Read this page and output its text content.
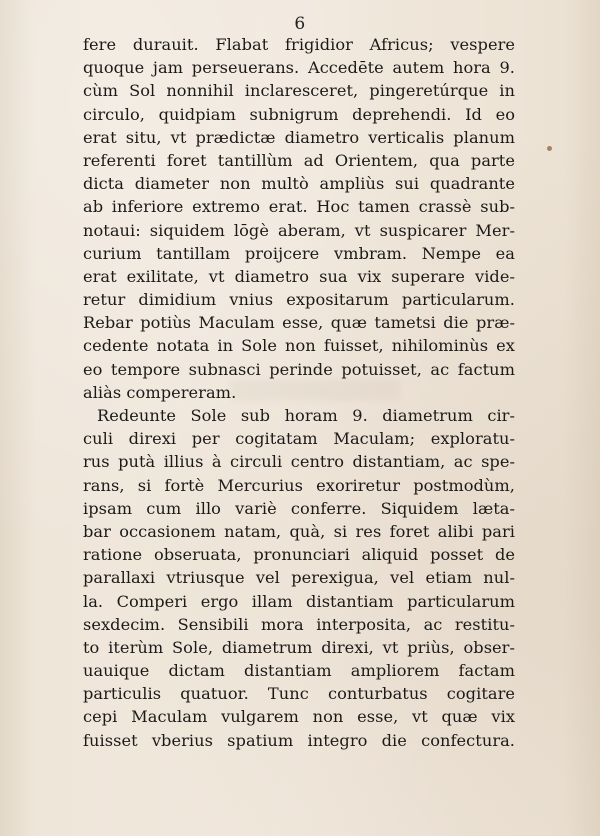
6
fere durauit. Flabat frigidior Africus; vespere
quoque jam perseuerans. Accedēte autem hora 9.
cùm Sol nonnihil inclaresceret, pingeretúrque in
circulo, quidpiam subnigrum deprehendi. Id eo
erat situ, vt prædictæ diametro verticalis planum
referenti foret tantillùm ad Orientem, qua parte
dicta diameter non multò ampliùs sui quadrante
ab inferiore extremo erat. Hoc tamen crassè sub-
notaui: siquidem lōgè aberam, vt suspicarer Mer-
curium tantillam proijcere vmbram. Nempe ea
erat exilitate, vt diametro sua vix superare vide-
retur dimidium vnius expositarum particularum.
Rebar potiùs Maculam esse, quæ tametsi die præ-
cedente notata in Sole non fuisset, nihilominùs ex
eo tempore subnasci perinde potuisset, ac factum
aliàs compereram.
Redeunte Sole sub horam 9. diametrum cir-
culi direxi per cogitatam Maculam; exploratu-
rus putà illius à circuli centro distantiam, ac spe-
rans, si fortè Mercurius exoriretur postmodùm,
ipsam cum illo variè conferre. Siquidem læta-
bar occasionem natam, quà, si res foret alibi pari
ratione obseruata, pronunciari aliquid posset de
parallaxi vtriusque vel perexigua, vel etiam nul-
la. Comperi ergo illam distantiam particularum
sexdecim. Sensibili mora interposita, ac restitu-
to iterùm Sole, diametrum direxi, vt priùs, obser-
uauique dictam distantiam ampliorem factam
particulis quatuor. Tunc conturbatus cogitare
cepi Maculam vulgarem non esse, vt quæ vix
fuisset vberius spatium integro die confectura.
